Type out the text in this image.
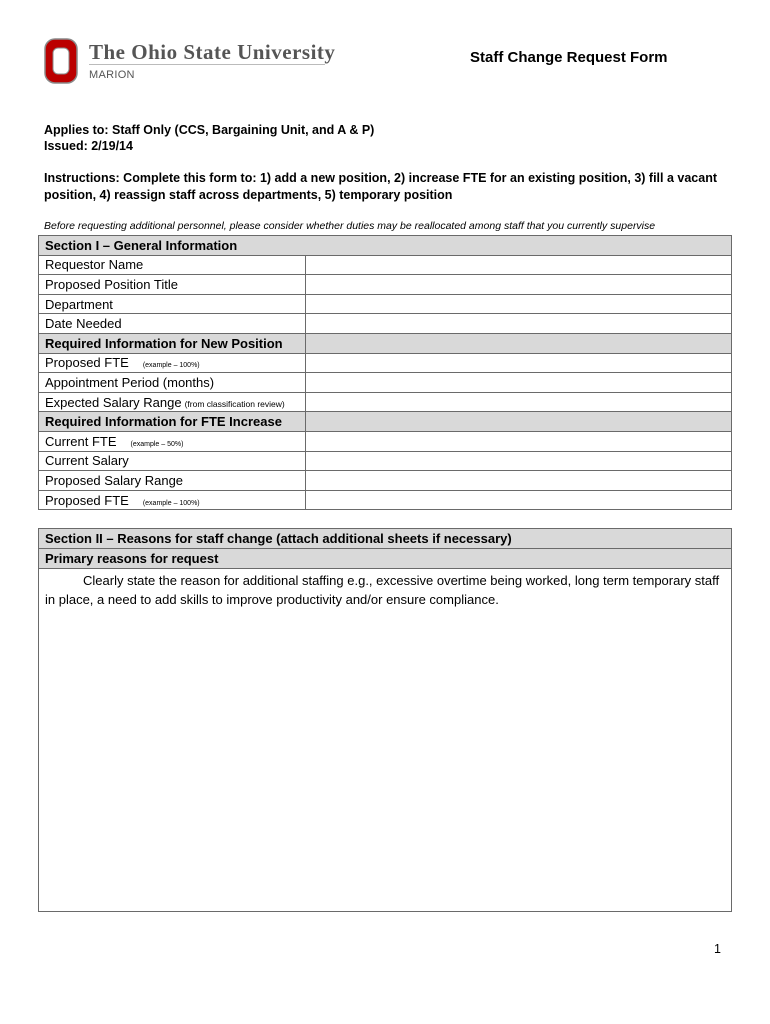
The Ohio State University
MARION
Staff Change Request Form
Applies to: Staff Only (CCS, Bargaining Unit, and A & P)
Issued: 2/19/14
Instructions: Complete this form to: 1) add a new position, 2) increase FTE for an existing position, 3) fill a vacant position, 4) reassign staff across departments, 5) temporary position
Before requesting additional personnel, please consider whether duties may be reallocated among staff that you currently supervise
Section I – General Information	
Requestor Name	
Proposed Position Title	
Department	
Date Needed	
Required Information for New Position	
Proposed FTE (example – 100%)	
Appointment Period (months)	
Expected Salary Range (from classification review)	
Required Information for FTE Increase	
Current FTE (example – 50%)	
Current Salary	
Proposed Salary Range	
Proposed FTE (example – 100%)	
Section II – Reasons for staff change (attach additional sheets if necessary)
Primary reasons for request
Clearly state the reason for additional staffing e.g., excessive overtime being worked, long term temporary staff in place, a need to add skills to improve productivity and/or ensure compliance.
1
